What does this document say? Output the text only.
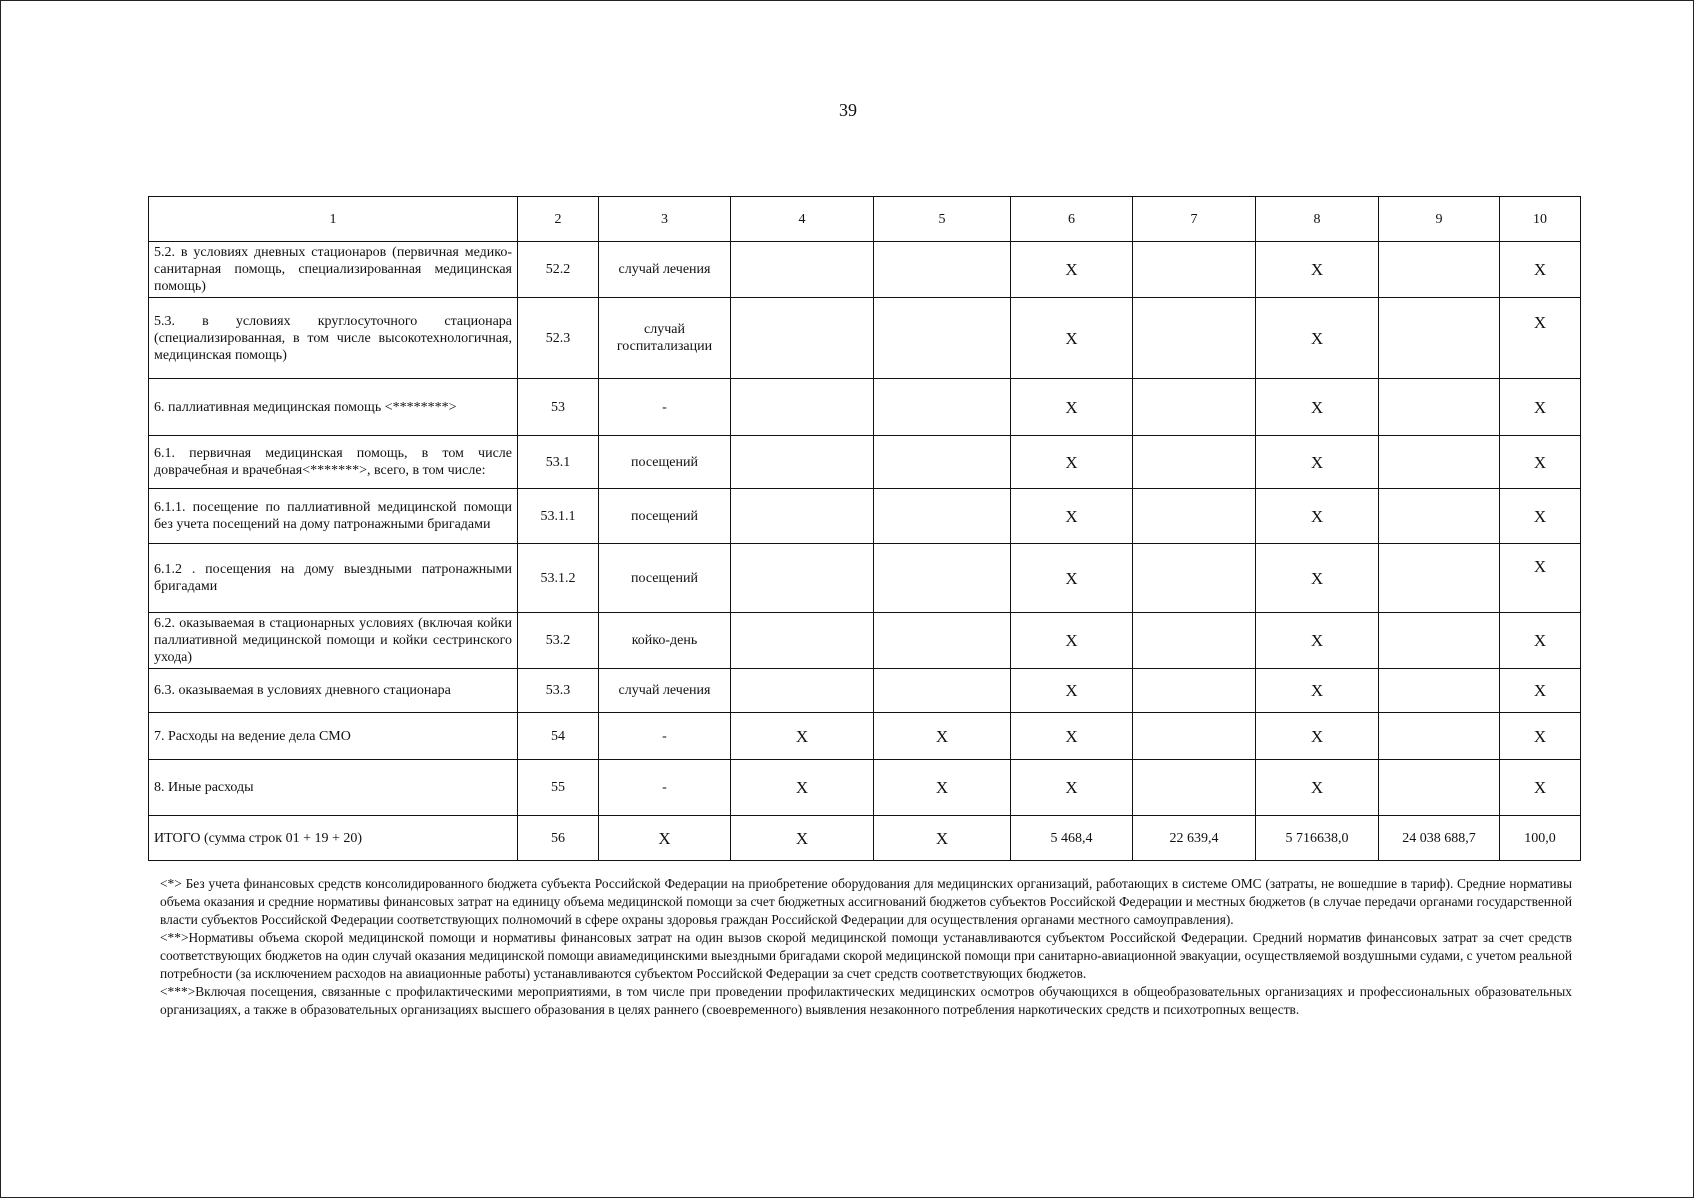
39
1	2	3	4	5	6	7	8	9	10
5.2. в условиях дневных стационаров (первичная медико-санитарная помощь, специализированная медицинская помощь)	52.2	случай лечения			X		X		X
5.3. в условиях круглосуточного стационара (специализированная, в том числе высокотехнологичная, медицинская помощь)	52.3	случай госпитализации			X		X		X
6. паллиативная медицинская помощь <********>	53	-			X		X		X
6.1. первичная медицинская помощь, в том числе доврачебная и врачебная<*******>, всего, в том числе:	53.1	посещений			X		X		X
6.1.1. посещение по паллиативной медицинской помощи без учета посещений на дому патронажными бригадами	53.1.1	посещений			X		X		X
6.1.2 . посещения на дому выездными патронажными бригадами	53.1.2	посещений			X		X		X
6.2. оказываемая в стационарных условиях (включая койки паллиативной медицинской помощи и койки сестринского ухода)	53.2	койко-день			X		X		X
6.3. оказываемая в условиях дневного стационара	53.3	случай лечения			X		X		X
7. Расходы на ведение дела СМО	54	-	X	X	X		X		X
8. Иные расходы	55	-	X	X	X		X		X
ИТОГО (сумма строк 01 + 19 + 20)	56	X	X	X	5 468,4	22 639,4	5 716638,0	24 038 688,7	100,0

<*> Без учета финансовых средств консолидированного бюджета субъекта Российской Федерации на приобретение оборудования для медицинских организаций, работающих в системе ОМС (затраты, не вошедшие в тариф). Средние нормативы объема оказания и средние нормативы финансовых затрат на единицу объема медицинской помощи за счет бюджетных ассигнований бюджетов субъектов Российской Федерации и местных бюджетов (в случае передачи органами государственной власти субъектов Российской Федерации соответствующих полномочий в сфере охраны здоровья граждан Российской Федерации для осуществления органами местного самоуправления).

<**>Нормативы объема скорой медицинской помощи и нормативы финансовых затрат на один вызов скорой медицинской помощи устанавливаются субъектом Российской Федерации. Средний норматив финансовых затрат за счет средств соответствующих бюджетов на один случай оказания медицинской помощи авиамедицинскими выездными бригадами скорой медицинской помощи при санитарно-авиационной эвакуации, осуществляемой воздушными судами, с учетом реальной потребности (за исключением расходов на авиационные работы) устанавливаются субъектом Российской Федерации за счет средств соответствующих бюджетов.

<***>Включая посещения, связанные с профилактическими мероприятиями, в том числе при проведении профилактических медицинских осмотров обучающихся в общеобразовательных организациях и профессиональных образовательных организациях, а также в образовательных организациях высшего образования в целях раннего (своевременного) выявления незаконного потребления наркотических средств и психотропных веществ.
